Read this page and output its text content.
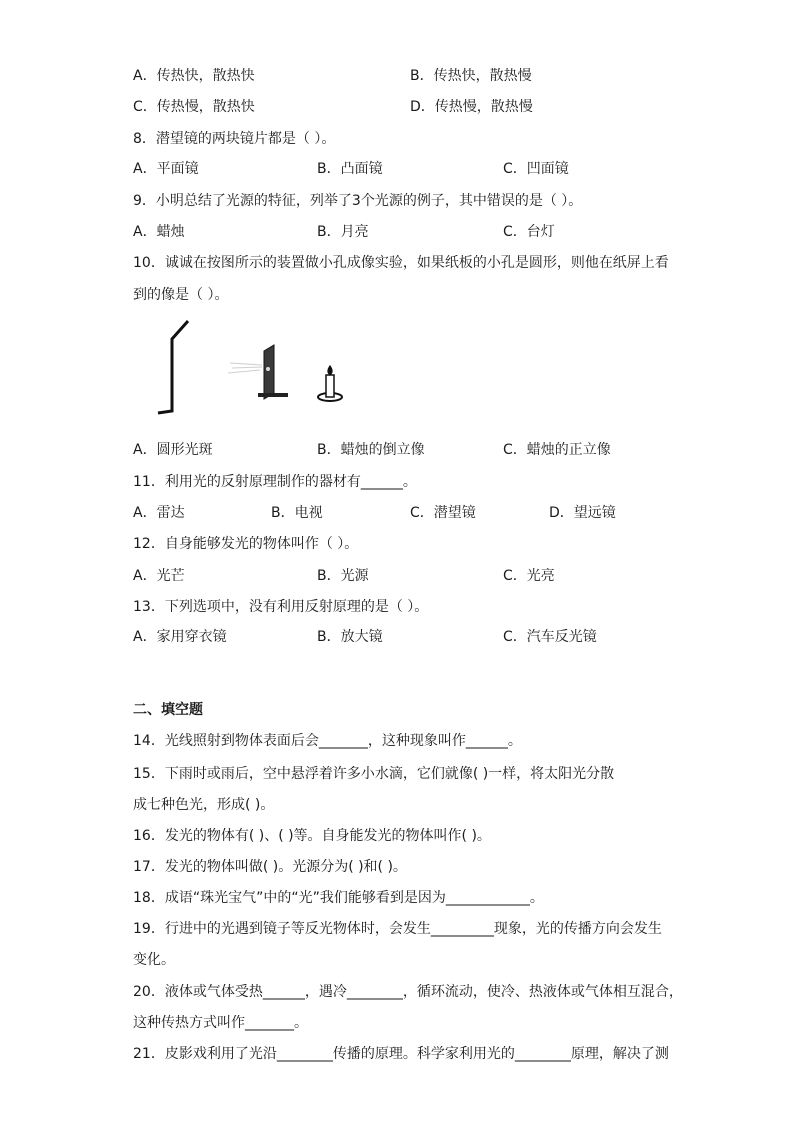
A．传热快，散热快	B．传热快，散热慢
C．传热慢，散热快	D．传热慢，散热慢
8．潜望镜的两块镜片都是（ ）。
A．平面镜	B．凸面镜	C．凹面镜
9．小明总结了光源的特征，列举了3个光源的例子，其中错误的是（ ）。
A．蜡烛	B．月亮	C．台灯
10．诚诚在按图所示的装置做小孔成像实验，如果纸板的小孔是圆形，则他在纸屏上看
到的像是（ ）。
A．圆形光斑	B．蜡烛的倒立像	C．蜡烛的正立像
11．利用光的反射原理制作的器材有______。
A．雷达	B．电视	C．潜望镜	D．望远镜
12．自身能够发光的物体叫作（ ）。
A．光芒	B．光源	C．光亮
13．下列选项中，没有利用反射原理的是（ ）。
A．家用穿衣镜	B．放大镜	C．汽车反光镜
二、填空题
14．光线照射到物体表面后会_______，这种现象叫作______。
15．下雨时或雨后，空中悬浮着许多小水滴，它们就像( )一样，将太阳光分散
成七种色光，形成( )。
16．发光的物体有( )、( )等。自身能发光的物体叫作( )。
17．发光的物体叫做( )。光源分为( )和( )。
18．成语“珠光宝气”中的“光”我们能够看到是因为____________。
19．行进中的光遇到镜子等反光物体时，会发生_________现象，光的传播方向会发生
变化。
20．液体或气体受热______，遇冷________，循环流动，使冷、热液体或气体相互混合，
这种传热方式叫作_______。
21．皮影戏利用了光沿________传播的原理。科学家利用光的________原理，解决了测
